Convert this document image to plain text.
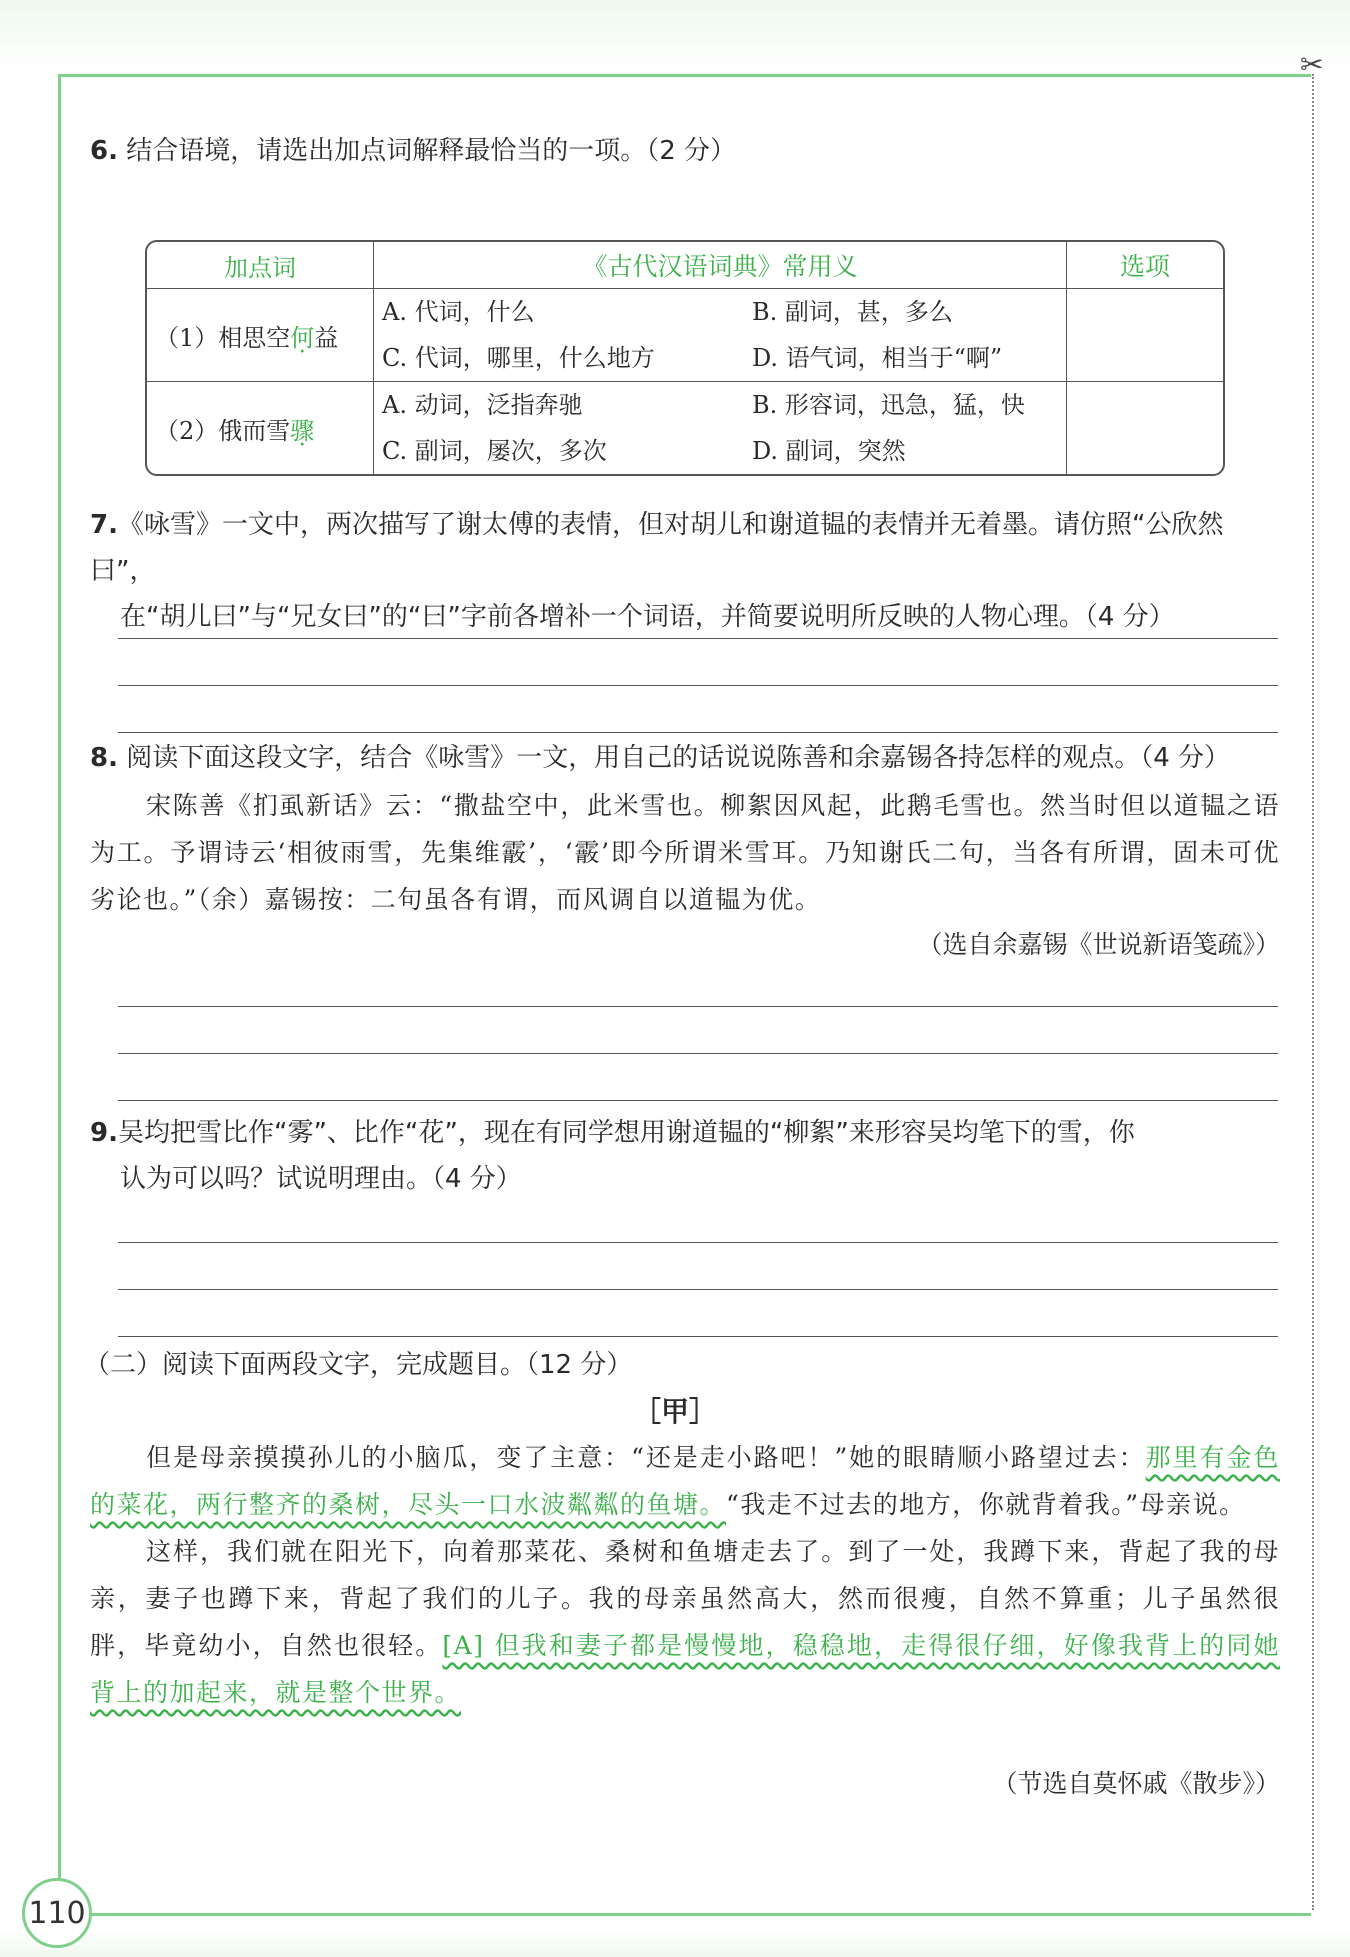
✂
110
6. 结合语境，请选出加点词解释最恰当的一项。（2 分）
加点词	《古代汉语词典》常用义	选项
（1）相思空何益	A. 代词，什么 B. 副词，甚，多么
C. 代词，哪里，什么地方 D. 语气词，相当于“啊”	

（2）俄而雪骤	A. 动词，泛指奔驰 B. 形容词，迅急，猛，快
C. 副词，屡次，多次 D. 副词，突然	

7.《咏雪》一文中，两次描写了谢太傅的表情，但对胡儿和谢道韫的表情并无着墨。请仿照“公欣然曰”，
在“胡儿曰”与“兄女曰”的“曰”字前各增补一个词语，并简要说明所反映的人物心理。（4 分）
8. 阅读下面这段文字，结合《咏雪》一文，用自己的话说说陈善和余嘉锡各持怎样的观点。（4 分）

宋陈善《扪虱新话》云：“撒盐空中，此米雪也。柳絮因风起，此鹅毛雪也。然当时但以道韫之语为工。予谓诗云‘相彼雨雪，先集维霰’，‘霰’即今所谓米雪耳。乃知谢氏二句，当各有所谓，固未可优劣论也。”（余）嘉锡按：二句虽各有谓，而风调自以道韫为优。

（选自余嘉锡《世说新语笺疏》）
9.吴均把雪比作“雾”、比作“花”，现在有同学想用谢道韫的“柳絮”来形容吴均笔下的雪，你
认为可以吗？试说明理由。（4 分）
（二）阅读下面两段文字，完成题目。（12 分）
［甲］

但是母亲摸摸孙儿的小脑瓜，变了主意：“还是走小路吧！”她的眼睛顺小路望过去：那里有金色的菜花，两行整齐的桑树，尽头一口水波粼粼的鱼塘。“我走不过去的地方，你就背着我。”母亲说。

这样，我们就在阳光下，向着那菜花、桑树和鱼塘走去了。到了一处，我蹲下来，背起了我的母亲，妻子也蹲下来，背起了我们的儿子。我的母亲虽然高大，然而很瘦，自然不算重；儿子虽然很胖，毕竟幼小，自然也很轻。[A] 但我和妻子都是慢慢地，稳稳地，走得很仔细，好像我背上的同她背上的加起来，就是整个世界。

（节选自莫怀戚《散步》）
